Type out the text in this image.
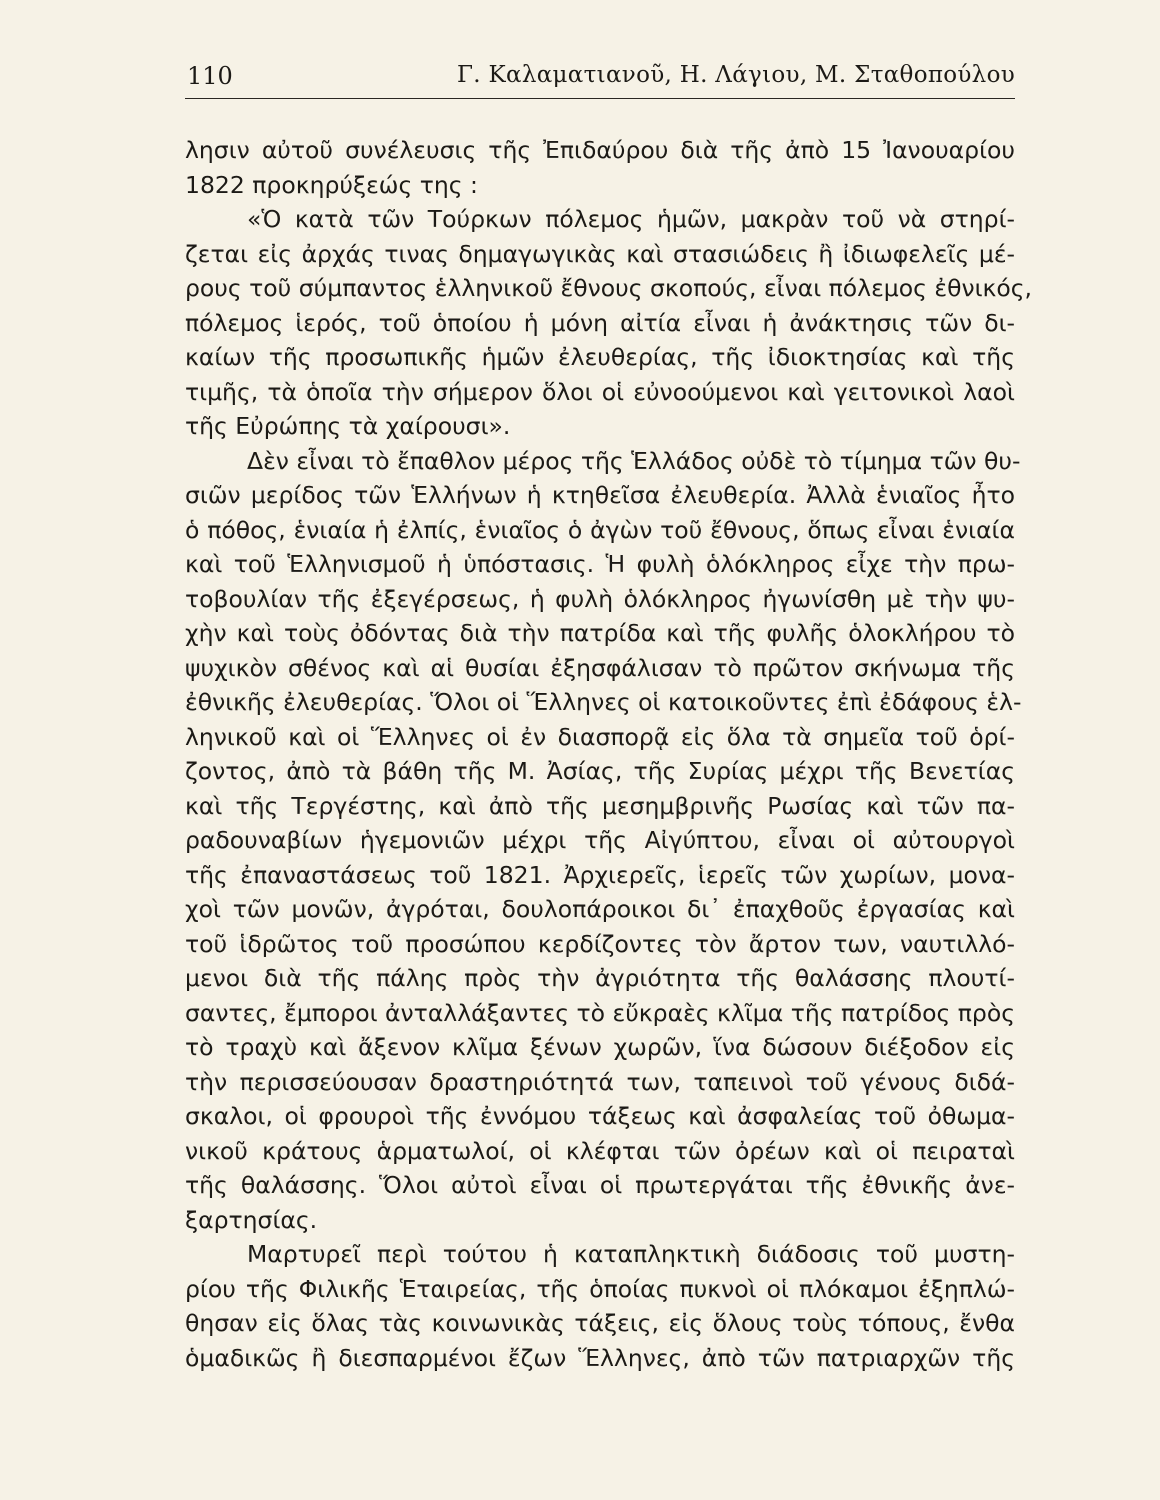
110	Γ. Καλαματιανοῦ, Η. Λάγιου, Μ. Σταθοπούλου
λησιν αὐτοῦ συνέλευσις τῆς Ἐπιδαύρου διὰ τῆς ἀπὸ 15 Ἰανουαρίου
1822 προκηρύξεώς της :
«Ὁ κατὰ τῶν Τούρκων πόλεμος ἡμῶν, μακρὰν τοῦ νὰ στηρί-
ζεται εἰς ἀρχάς τινας δημαγωγικὰς καὶ στασιώδεις ἢ ἰδιωφελεῖς μέ-
ρους τοῦ σύμπαντος ἑλληνικοῦ ἔθνους σκοπούς, εἶναι πόλεμος ἐθνικός,
πόλεμος ἱερός, τοῦ ὁποίου ἡ μόνη αἰτία εἶναι ἡ ἀνάκτησις τῶν δι-
καίων τῆς προσωπικῆς ἡμῶν ἐλευθερίας, τῆς ἰδιοκτησίας καὶ τῆς
τιμῆς, τὰ ὁποῖα τὴν σήμερον ὅλοι οἱ εὐνοούμενοι καὶ γειτονικοὶ λαοὶ
τῆς Εὐρώπης τὰ χαίρουσι».
Δὲν εἶναι τὸ ἔπαθλον μέρος τῆς Ἑλλάδος οὐδὲ τὸ τίμημα τῶν θυ-
σιῶν μερίδος τῶν Ἑλλήνων ἡ κτηθεῖσα ἐλευθερία. Ἀλλὰ ἑνιαῖος ἦτο
ὁ πόθος, ἑνιαία ἡ ἐλπίς, ἑνιαῖος ὁ ἀγὼν τοῦ ἔθνους, ὅπως εἶναι ἑνιαία
καὶ τοῦ Ἑλληνισμοῦ ἡ ὑπόστασις. Ἡ φυλὴ ὁλόκληρος εἶχε τὴν πρω-
τοβουλίαν τῆς ἐξεγέρσεως, ἡ φυλὴ ὁλόκληρος ἠγωνίσθη μὲ τὴν ψυ-
χὴν καὶ τοὺς ὀδόντας διὰ τὴν πατρίδα καὶ τῆς φυλῆς ὁλοκλήρου τὸ
ψυχικὸν σθένος καὶ αἱ θυσίαι ἐξησφάλισαν τὸ πρῶτον σκήνωμα τῆς
ἐθνικῆς ἐλευθερίας. Ὅλοι οἱ Ἕλληνες οἱ κατοικοῦντες ἐπὶ ἐδάφους ἑλ-
ληνικοῦ καὶ οἱ Ἕλληνες οἱ ἐν διασπορᾷ εἰς ὅλα τὰ σημεῖα τοῦ ὁρί-
ζοντος, ἀπὸ τὰ βάθη τῆς Μ. Ἀσίας, τῆς Συρίας μέχρι τῆς Βενετίας
καὶ τῆς Τεργέστης, καὶ ἀπὸ τῆς μεσημβρινῆς Ρωσίας καὶ τῶν πα-
ραδουναβίων ἡγεμονιῶν μέχρι τῆς Αἰγύπτου, εἶναι οἱ αὐτουργοὶ
τῆς ἐπαναστάσεως τοῦ 1821. Ἀρχιερεῖς, ἱερεῖς τῶν χωρίων, μονα-
χοὶ τῶν μονῶν, ἀγρόται, δουλοπάροικοι δι᾽ ἐπαχθοῦς ἐργασίας καὶ
τοῦ ἱδρῶτος τοῦ προσώπου κερδίζοντες τὸν ἄρτον των, ναυτιλλό-
μενοι διὰ τῆς πάλης πρὸς τὴν ἀγριότητα τῆς θαλάσσης πλουτί-
σαντες, ἔμποροι ἀνταλλάξαντες τὸ εὔκραὲς κλῖμα τῆς πατρίδος πρὸς
τὸ τραχὺ καὶ ἄξενον κλῖμα ξένων χωρῶν, ἵνα δώσουν διέξοδον εἰς
τὴν περισσεύουσαν δραστηριότητά των, ταπεινοὶ τοῦ γένους διδά-
σκαλοι, οἱ φρουροὶ τῆς ἐννόμου τάξεως καὶ ἀσφαλείας τοῦ ὀθωμα-
νικοῦ κράτους ἁρματωλοί, οἱ κλέφται τῶν ὀρέων καὶ οἱ πειραταὶ
τῆς θαλάσσης. Ὅλοι αὐτοὶ εἶναι οἱ πρωτεργάται τῆς ἐθνικῆς ἀνε-
ξαρτησίας.
Μαρτυρεῖ περὶ τούτου ἡ καταπληκτικὴ διάδοσις τοῦ μυστη-
ρίου τῆς Φιλικῆς Ἑταιρείας, τῆς ὁποίας πυκνοὶ οἱ πλόκαμοι ἐξηπλώ-
θησαν εἰς ὅλας τὰς κοινωνικὰς τάξεις, εἰς ὅλους τοὺς τόπους, ἔνθα
ὁμαδικῶς ἢ διεσπαρμένοι ἔζων Ἕλληνες, ἀπὸ τῶν πατριαρχῶν τῆς
